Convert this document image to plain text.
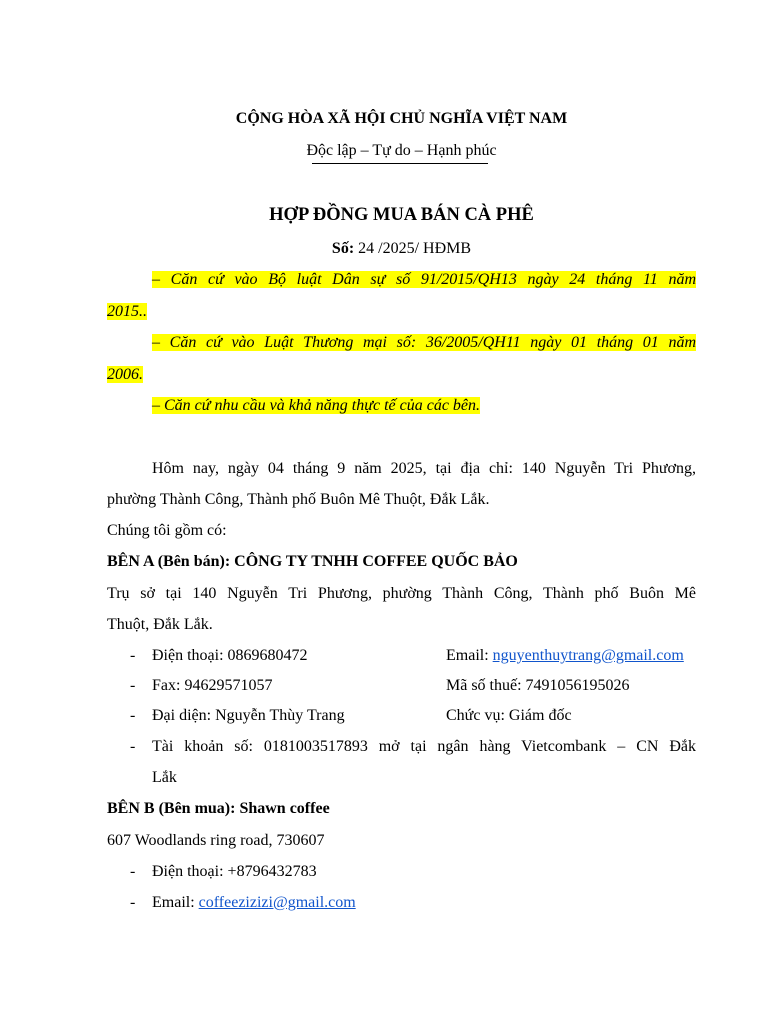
CỘNG HÒA XÃ HỘI CHỦ NGHĨA VIỆT NAM
Độc lập – Tự do – Hạnh phúc
HỢP ĐỒNG MUA BÁN CÀ PHÊ
Số: 24 /2025/ HĐMB
– Căn cứ vào Bộ luật Dân sự số 91/2015/QH13 ngày 24 tháng 11 năm
2015..
– Căn cứ vào Luật Thương mại số: 36/2005/QH11 ngày 01 tháng 01 năm
2006.
– Căn cứ nhu cầu và khả năng thực tế của các bên.
Hôm nay, ngày 04 tháng 9 năm 2025, tại địa chỉ: 140 Nguyễn Tri Phương,
phường Thành Công, Thành phố Buôn Mê Thuột, Đắk Lắk.
Chúng tôi gồm có:
BÊN A (Bên bán): CÔNG TY TNHH COFFEE QUỐC BẢO
Trụ sở tại 140 Nguyễn Tri Phương, phường Thành Công, Thành phố Buôn Mê
Thuột, Đắk Lắk.
- Điện thoại: 0869680472	Email: nguyenthuytrang@gmail.com
- Fax: 94629571057	Mã số thuế: 7491056195026
- Đại diện: Nguyễn Thùy Trang	Chức vụ: Giám đốc
- Tài khoản số: 0181003517893 mở tại ngân hàng Vietcombank – CN Đắk
Lắk
BÊN B (Bên mua): Shawn coffee
607 Woodlands ring road, 730607
- Điện thoại: +8796432783
- Email: coffeezizizi@gmail.com
